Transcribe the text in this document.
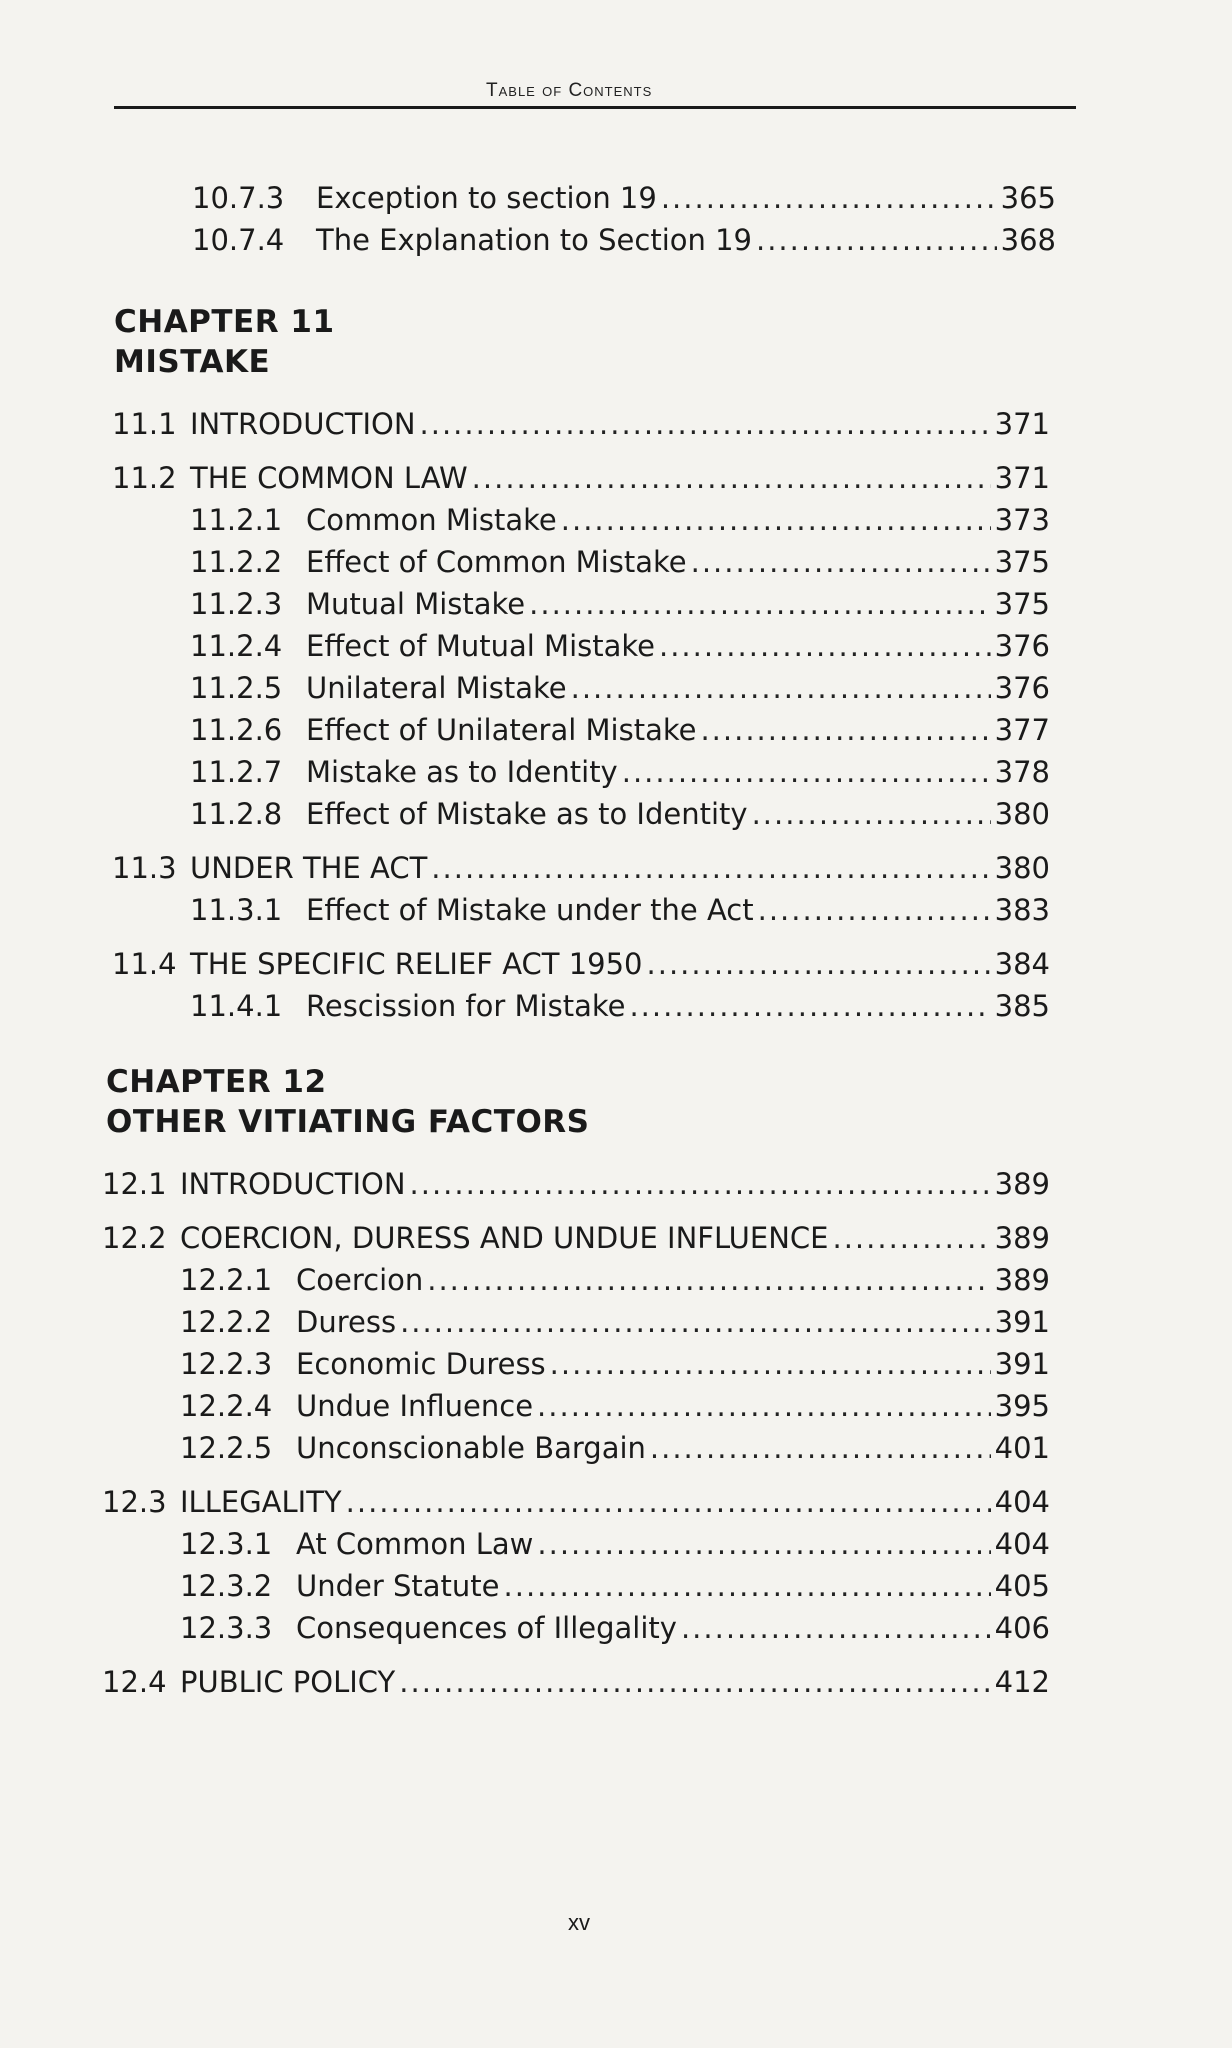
Table of Contents
10.7.3	Exception to section 19 .....	365
10.7.4	The Explanation to Section 19 .....	368
CHAPTER 11
MISTAKE
11.1 INTRODUCTION .....	371
11.2 THE COMMON LAW .....	371
11.2.1 Common Mistake .....	373
11.2.2 Effect of Common Mistake .....	375
11.2.3 Mutual Mistake .....	375
11.2.4 Effect of Mutual Mistake .....	376
11.2.5 Unilateral Mistake .....	376
11.2.6 Effect of Unilateral Mistake .....	377
11.2.7 Mistake as to Identity .....	378
11.2.8 Effect of Mistake as to Identity .....	380
11.3 UNDER THE ACT .....	380
11.3.1 Effect of Mistake under the Act .....	383
11.4 THE SPECIFIC RELIEF ACT 1950 .....	384
11.4.1 Rescission for Mistake .....	385
CHAPTER 12
OTHER VITIATING FACTORS
12.1 INTRODUCTION .....	389
12.2 COERCION, DURESS AND UNDUE INFLUENCE .....	389
12.2.1 Coercion .....	389
12.2.2 Duress .....	391
12.2.3 Economic Duress .....	391
12.2.4 Undue Influence .....	395
12.2.5 Unconscionable Bargain .....	401
12.3 ILLEGALITY .....	404
12.3.1 At Common Law .....	404
12.3.2 Under Statute .....	405
12.3.3 Consequences of Illegality .....	406
12.4 PUBLIC POLICY .....	412
xv
